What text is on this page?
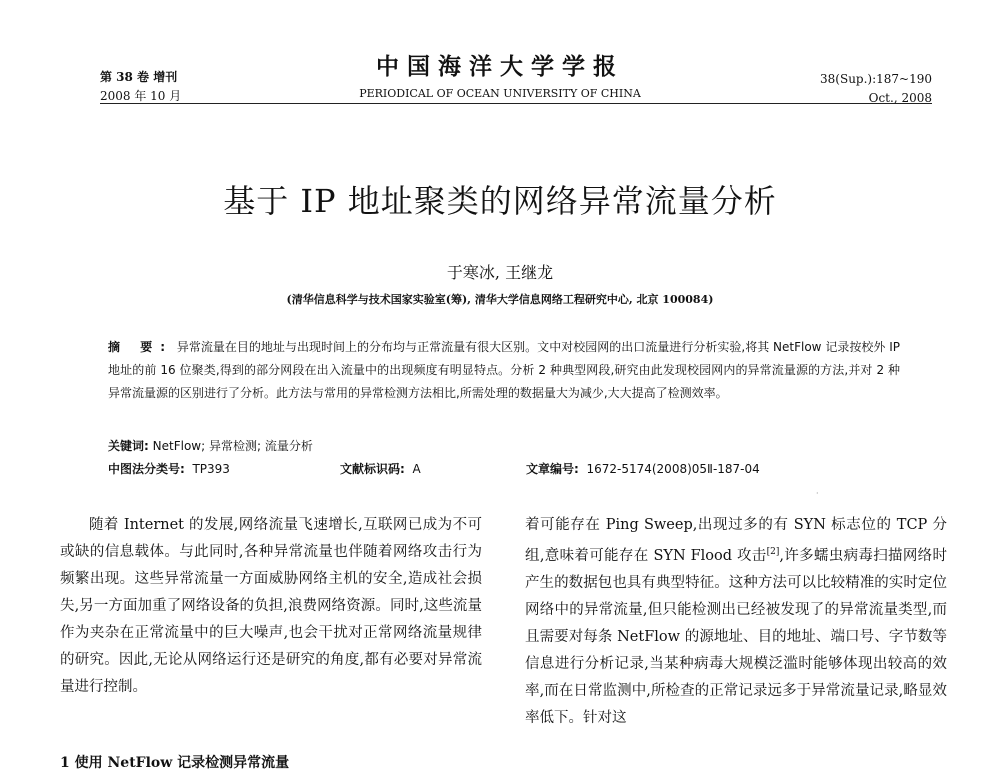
第 38 卷 增刊
2008 年 10 月
中国海洋大学学报
PERIODICAL OF OCEAN UNIVERSITY OF CHINA
38(Sup.):187~190
Oct., 2008
基于 IP 地址聚类的网络异常流量分析
于寒冰, 王继龙
(清华信息科学与技术国家实验室(筹), 清华大学信息网络工程研究中心, 北京 100084)
摘 要: 异常流量在目的地址与出现时间上的分布均与正常流量有很大区别。文中对校园网的出口流量进行分析实验,将其 NetFlow 记录按校外 IP 地址的前 16 位聚类,得到的部分网段在出入流量中的出现频度有明显特点。分析 2 种典型网段,研究由此发现校园网内的异常流量源的方法,并对 2 种异常流量源的区别进行了分析。此方法与常用的异常检测方法相比,所需处理的数据量大为减少,大大提高了检测效率。
关键词: NetFlow; 异常检测; 流量分析
中图法分类号: TP393	文献标识码: A	文章编号: 1672-5174(2008)05Ⅱ-187-04
·
随着 Internet 的发展,网络流量飞速增长,互联网已成为不可或缺的信息载体。与此同时,各种异常流量也伴随着网络攻击行为频繁出现。这些异常流量一方面威胁网络主机的安全,造成社会损失,另一方面加重了网络设备的负担,浪费网络资源。同时,这些流量作为夹杂在正常流量中的巨大噪声,也会干扰对正常网络流量规律的研究。因此,无论从网络运行还是研究的角度,都有必要对异常流量进行控制。
着可能存在 Ping Sweep,出现过多的有 SYN 标志位的 TCP 分组,意味着可能存在 SYN Flood 攻击[2],许多蠕虫病毒扫描网络时产生的数据包也具有典型特征。这种方法可以比较精准的实时定位网络中的异常流量,但只能检测出已经被发现了的异常流量类型,而且需要对每条 NetFlow 的源地址、目的地址、端口号、字节数等信息进行分析记录,当某种病毒大规模泛滥时能够体现出较高的效率,而在日常监测中,所检查的正常记录远多于异常流量记录,略显效率低下。针对这
1 使用 NetFlow 记录检测异常流量
